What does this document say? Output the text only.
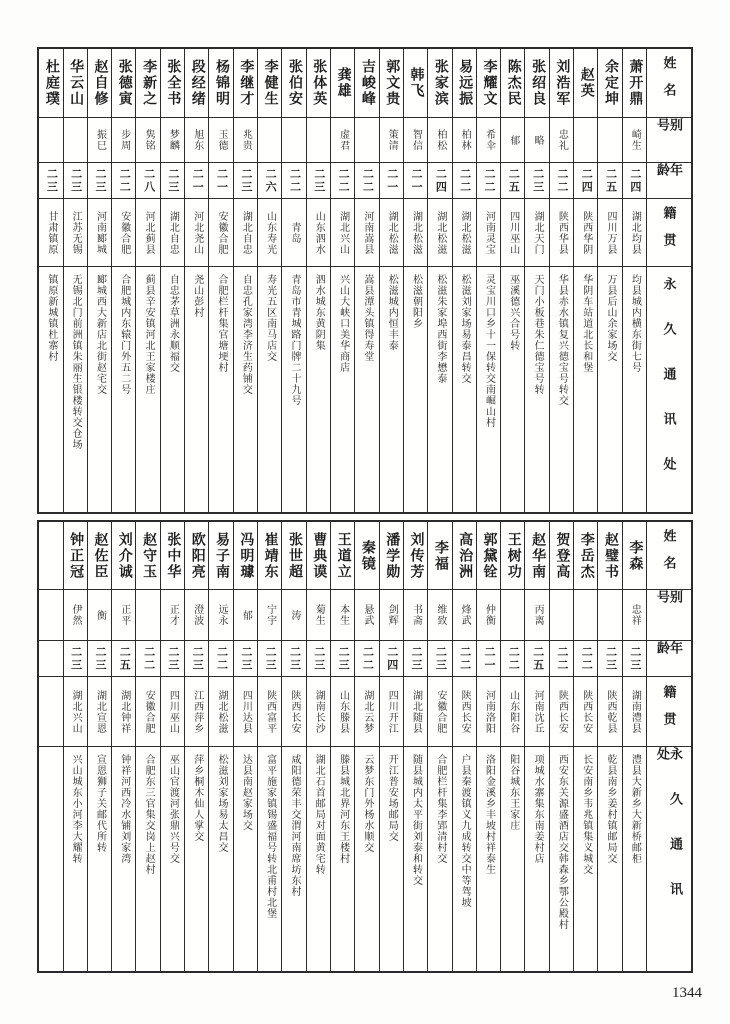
姓名
别号
年龄
籍贯
永久通讯处
萧开鼎
崎生
二四
湖北均县
均县城内横东街七号
余定坤
二五
四川万县
万县后山余家场交
赵英
二四
陕西华阴
华阴车站道北长和堡
刘浩军
忠礼
二二
陕西华县
华县赤水镇复兴德宝号转交
张绍良
略
二三
湖北天门
天门小板巷朱仁德宝号转
陈杰民
郁
二五
四川巫山
巫溪德兴合号转
李耀文
希伞
二二
河南灵宝
灵宝川口乡十一保转交南崛山村
易远振
柏林
二二
湖北松滋
松滋刘家场易泰昌转交
张家滨
柏松
二四
湖北松滋
松滋朱家埠西街李懋泰
韩飞
智信
二一
湖北松滋
松滋朝阳乡
郭文贵
策清
二一
湖北松滋
松滋城内恒丰泰
吉峻峰
二二
河南嵩县
嵩县潭头镇得寿堂
龚雄
虚君
二二
湖北兴山
兴山大峡口美华商店
张体英
二三
山东泗水
泗水城东黄阴集
张伯安
二二
青岛
青岛市青城路门牌二十九号
李健生
二六
山东寿光
寿光五区南马店交
李继才
兆贵
二三
湖北自忠
自忠孔家湾李济生药铺交
杨锦明
玉德
二一
安徽合肥
合肥栏杆集官塘埂村
段经绪
旭东
二一
河北尧山
尧山彭村
张全书
梦麟
二三
湖北自忠
自忠茅草洲永顺福交
李新之
隽铭
二八
河北蓟县
蓟县辛安镇河北王家楼庄
张德寅
步周
二二
安徽合肥
合肥城内东辕门外五二号
赵自修
振巳
二三
河南郾城
郾城西大新店北街赵宅交
华云山
二三
江苏无锡
无锡北门前洲镇朱丽生银楼转交仓场
杜庭璞
二三
甘肃镇原
镇原新城镇杜寨村
姓名
别号
年龄
籍贯
永久通讯处
李森
忠祥
二三
湖南澧县
澧县大新乡大新桥邮柜
赵璧书
二三
陕西乾县
乾县南乡姜村镇邮局交
李岳杰
二二
陕西长安
长安南乡韦兆镇集义城交
贺登高
二二
陕西长安
西安东关源盛酒店交韩森乡鄂公殿村
赵华南
丙离
二五
河南沈丘
项城水寨集东南姜村店
王树功
二二
山东阳谷
阳谷城东王家庄
郭黛铨
仲衡
二一
河南洛阳
洛阳金溪乡丰坡村祥泰生
高治洲
烽武
二二
陕西长安
户县秦渡镇义九成转交中等驾坡
李福
维致
二三
安徽合肥
合肥栏杆集李郢清村交
刘传芳
书斋
二三
湖北随县
随县城内太平街刘泰和转交
潘学勋
剑辉
二四
四川开江
开江普安场邮局交
秦镜
悬武
二二
湖北云梦
云梦东门外杨水顺交
王道立
本生
二三
山东滕县
滕县城北界河东王楼村
曹典谟
菊生
二三
湖南长沙
湖北石首邮局对面黄宅转
张世超
涛
二三
陕西长安
咸阳德荣丰交渭河南席坊东村
崔靖东
宁宇
二三
陕西富平
富平施家镇锡盛福号转北甫村北堡
冯明璩
郁
二三
四川达县
达县南赵家场交
易子南
远永
二二
湖北松滋
松滋刘家场易太昌交
欧阳亮
澄波
二三
江西萍乡
萍乡桐木仙人掌交
张中华
正才
二三
四川巫山
巫山官渡河张鼎兴号交
赵守玉
二二
安徽合肥
合肥东三官集交岗上赵村
刘介诚
正平
二五
湖北钟祥
钟祥河西冷水铺刘家湾
赵佐臣
衡
二三
湖北宣恩
宣恩狮子关邮代所转
钟正冠
伊然
二三
湖北兴山
兴山城东小河李大耀转
1344
